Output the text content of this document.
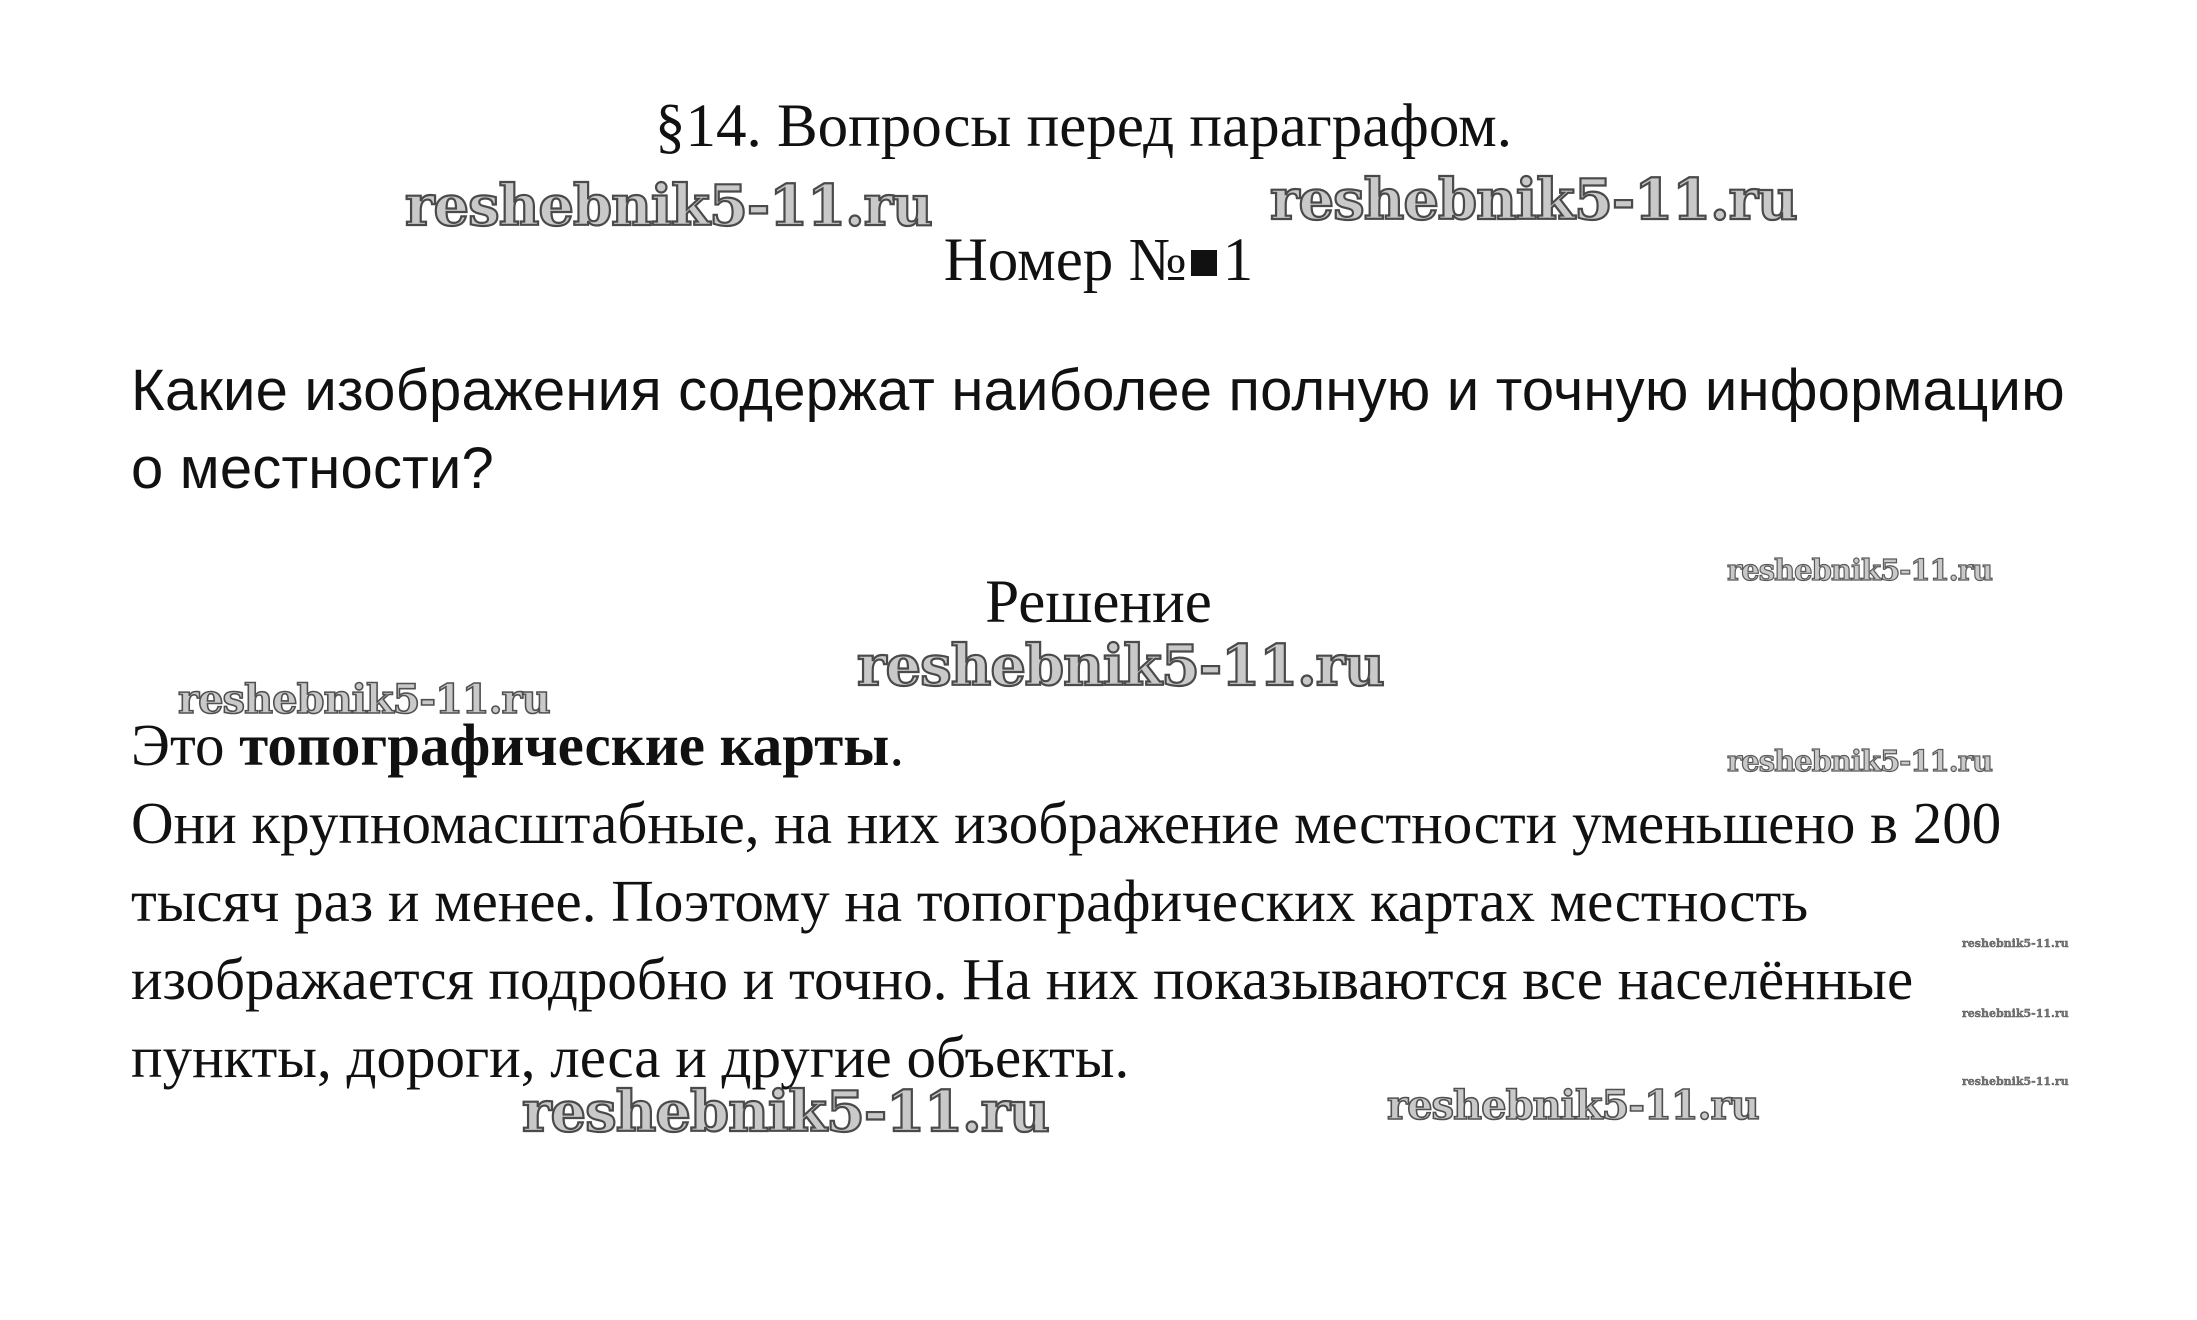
§14. Вопросы перед параграфом.
Номер № 1
Какие изображения содержат наиболее полную и точную информацию о местности?
Решение

Это топографические карты.

Они крупномасштабные, на них изображение местности уменьшено в 200 тысяч раз и менее. Поэтому на топографических картах местность изображается подробно и точно. На них показываются все населённые пункты, дороги, леса и другие объекты.

reshebnik5-11.ru	reshebnik5-11.ru
reshebnik5-11.ru
reshebnik5-11.ru
reshebnik5-11.ru
reshebnik5-11.ru
reshebnik5-11.ru
reshebnik5-11.ru
reshebnik5-11.ru
reshebnik5-11.ru	reshebnik5-11.ru
